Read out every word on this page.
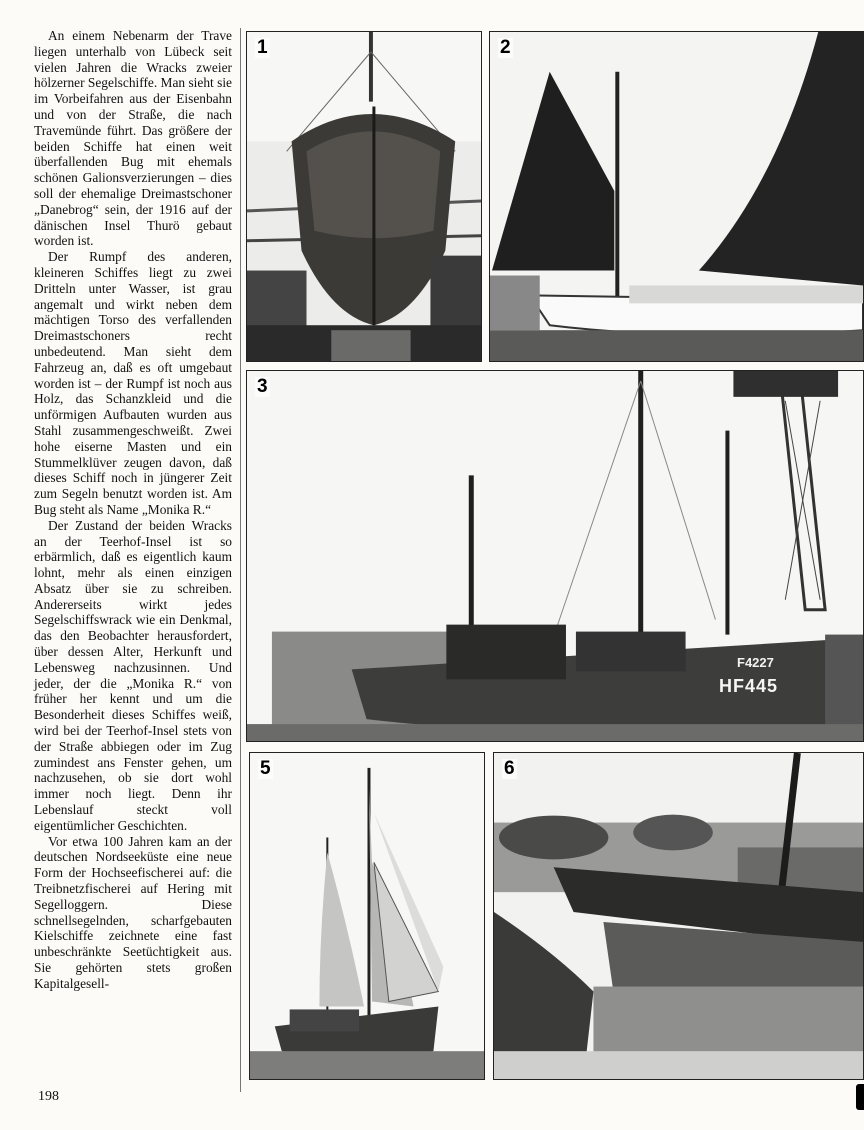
An einem Nebenarm der Trave liegen unterhalb von Lübeck seit vielen Jahren die Wracks zweier hölzerner Segelschiffe. Man sieht sie im Vorbeifahren aus der Eisenbahn und von der Straße, die nach Travemünde führt. Das größere der beiden Schiffe hat einen weit überfallenden Bug mit ehemals schönen Galionsverzierungen – dies soll der ehemalige Dreimastschoner „Danebrog“ sein, der 1916 auf der dänischen Insel Thurö gebaut worden ist.

Der Rumpf des anderen, kleineren Schiffes liegt zu zwei Dritteln unter Wasser, ist grau angemalt und wirkt neben dem mächtigen Torso des verfallenden Dreimastschoners recht unbedeutend. Man sieht dem Fahrzeug an, daß es oft umgebaut worden ist – der Rumpf ist noch aus Holz, das Schanzkleid und die unförmigen Aufbauten wurden aus Stahl zusammengeschweißt. Zwei hohe eiserne Masten und ein Stummelklüver zeugen davon, daß dieses Schiff noch in jüngerer Zeit zum Segeln benutzt worden ist. Am Bug steht als Name „Monika R.“

Der Zustand der beiden Wracks an der Teerhof-Insel ist so erbärmlich, daß es eigentlich kaum lohnt, mehr als einen einzigen Absatz über sie zu schreiben. Andererseits wirkt jedes Segelschiffswrack wie ein Denkmal, das den Beobachter herausfordert, über dessen Alter, Herkunft und Lebensweg nachzusinnen. Und jeder, der die „Monika R.“ von früher her kennt und um die Besonderheit dieses Schiffes weiß, wird bei der Teerhof-Insel stets von der Straße abbiegen oder im Zug zumindest ans Fenster gehen, um nachzusehen, ob sie dort wohl immer noch liegt. Denn ihr Lebenslauf steckt voll eigentümlicher Geschichten.

Vor etwa 100 Jahren kam an der deutschen Nordseeküste eine neue Form der Hochseefischerei auf: die Treibnetzfischerei auf Hering mit Segelloggern. Diese schnellsegelnden, scharfgebauten Kielschiffe zeichnete eine fast unbeschränkte Seetüchtigkeit aus. Sie gehörten stets großen Kapitalgesell-

198
1	2
3
F4227
HF445
5	6
